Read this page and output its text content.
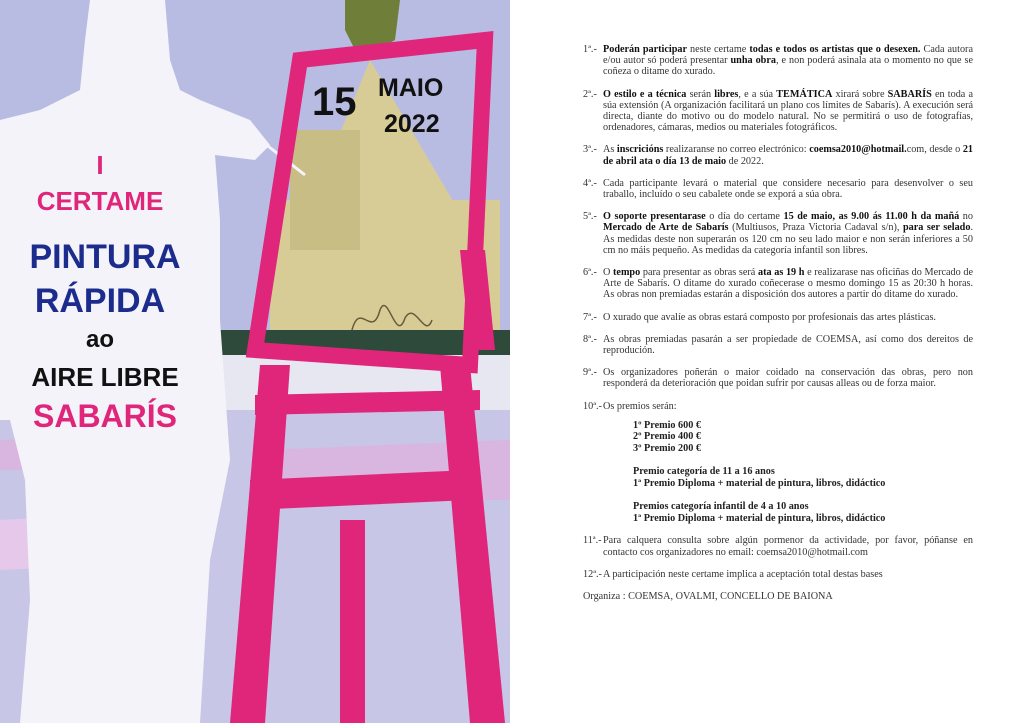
15 MAIO
2022
I
CERTAME
PINTURA
RÁPIDA
ao
AIRE LIBRE
SABARÍS
1ª.- Poderán participar neste certame todas e todos os artistas que o desexen. Cada autora e/ou autor só poderá presentar unha obra, e non poderá asinala ata o momento no que se coñeza o ditame do xurado.
2ª.- O estilo e a técnica serán libres, e a súa TEMÁTICA xirará sobre SABARÍS en toda a súa extensión (A organización facilitará un plano cos límites de Sabarís). A execución será directa, diante do motivo ou do modelo natural. No se permitirá o uso de fotografías, ordenadores, cámaras, medios ou materiales fotográficos.
3ª.- As inscricións realizaranse no correo electrónico: coemsa2010@hotmail.com, desde o 21 de abril ata o día 13 de maio de 2022.
4ª.- Cada participante levará o material que considere necesario para desenvolver o seu traballo, incluído o seu cabalete onde se exporá a súa obra.
5ª.- O soporte presentarase o día do certame 15 de maio, as 9.00 ás 11.00 h da mañá no Mercado de Arte de Sabarís (Multiusos, Praza Victoria Cadaval s/n), para ser selado. As medidas deste non superarán os 120 cm no seu lado maior e non serán inferiores a 50 cm no máis pequeño. As medidas da categoría infantil son libres.
6ª.- O tempo para presentar as obras será ata as 19 h e realizarase nas oficiñas do Mercado de Arte de Sabarís. O ditame do xurado coñecerase o mesmo domingo 15 as 20:30 h horas. As obras non premiadas estarán a disposición dos autores a partir do ditame do xurado.
7ª.- O xurado que avalíe as obras estará composto por profesionais das artes plásticas.
8ª.- As obras premiadas pasarán a ser propiedade de COEMSA, así como dos dereitos de reprodución.
9ª.- Os organizadores poñerán o maior coidado na conservación das obras, pero non responderá da deterioración que poidan sufrir por causas alleas ou de forza maior.
10ª.- Os premios serán:
1º Premio 600 €
2º Premio 400 €
3º Premio 200 €
Premio categoría de 11 a 16 anos
1ª Premio Diploma + material de pintura, libros, didáctico
Premios categoría infantil de 4 a 10 anos
1ª Premio Diploma + material de pintura, libros, didáctico
11ª.- Para calquera consulta sobre algún pormenor da actividade, por favor, póñanse en contacto cos organizadores no email: coemsa2010@hotmail.com
12ª.- A participación neste certame implica a aceptación total destas bases
Organiza : COEMSA, OVALMI, CONCELLO DE BAIONA
